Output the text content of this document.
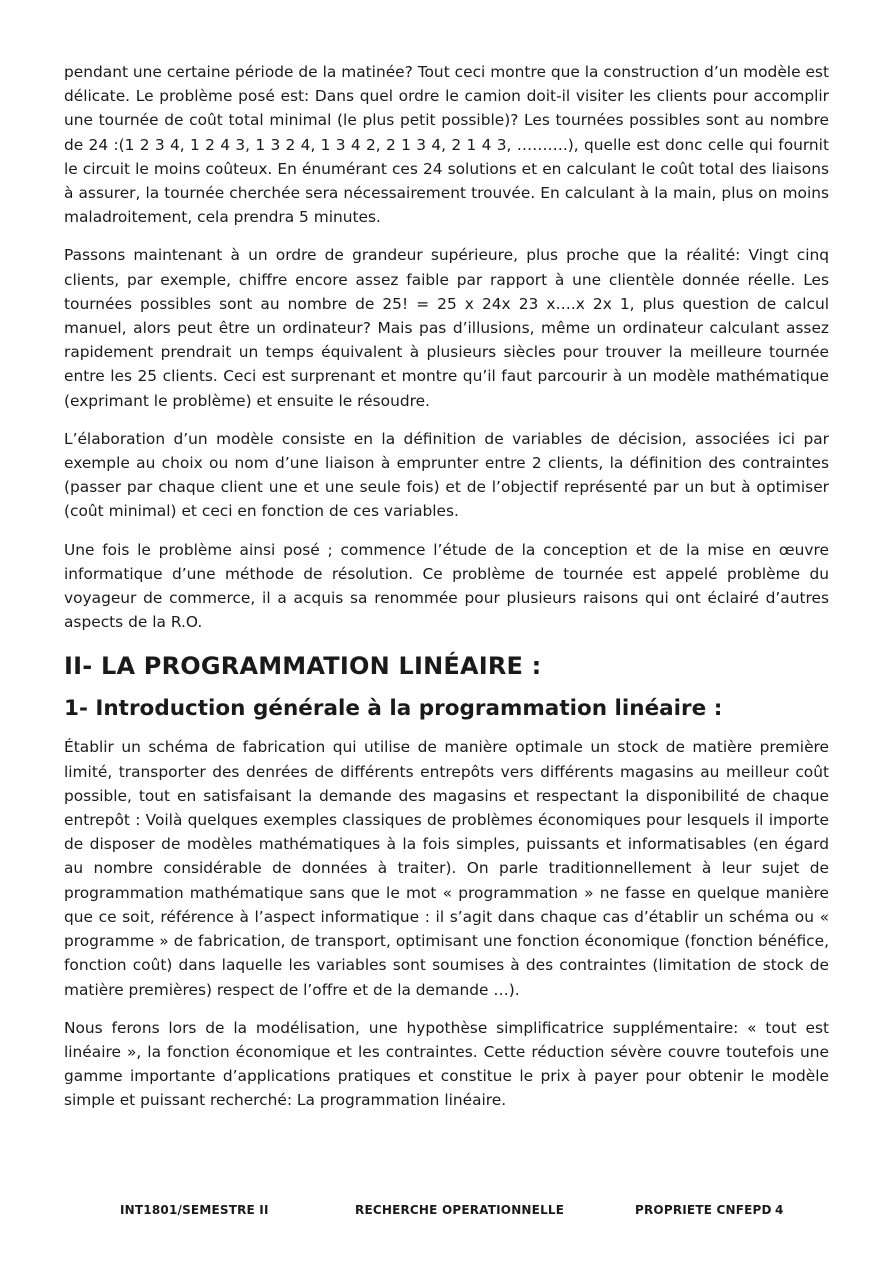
pendant une certaine période de la matinée? Tout ceci montre que la construction d’un modèle est délicate. Le problème posé est: Dans quel ordre le camion doit-il visiter les clients pour accomplir une tournée de coût total minimal (le plus petit possible)? Les tournées possibles sont au nombre de 24 :(1 2 3 4, 1 2 4 3, 1 3 2 4, 1 3 4 2, 2 1 3 4, 2 1 4 3, ……….), quelle est donc celle qui fournit le circuit le moins coûteux. En énumérant ces 24 solutions et en calculant le coût total des liaisons à assurer, la tournée cherchée sera nécessairement trouvée. En calculant à la main, plus on moins maladroitement, cela prendra 5 minutes.

Passons maintenant à un ordre de grandeur supérieure, plus proche que la réalité: Vingt cinq clients, par exemple, chiffre encore assez faible par rapport à une clientèle donnée réelle. Les tournées possibles sont au nombre de 25! = 25 x 24x 23 x….x 2x 1, plus question de calcul manuel, alors peut être un ordinateur? Mais pas d’illusions, même un ordinateur calculant assez rapidement prendrait un temps équivalent à plusieurs siècles pour trouver la meilleure tournée entre les 25 clients. Ceci est surprenant et montre qu’il faut parcourir à un modèle mathématique (exprimant le problème) et ensuite le résoudre.

L’élaboration d’un modèle consiste en la définition de variables de décision, associées ici par exemple au choix ou nom d’une liaison à emprunter entre 2 clients, la définition des contraintes (passer par chaque client une et une seule fois) et de l’objectif représenté par un but à optimiser (coût minimal) et ceci en fonction de ces variables.

Une fois le problème ainsi posé ; commence l’étude de la conception et de la mise en œuvre informatique d’une méthode de résolution. Ce problème de tournée est appelé problème du voyageur de commerce, il a acquis sa renommée pour plusieurs raisons qui ont éclairé d’autres aspects de la R.O.

II- LA PROGRAMMATION LINÉAIRE :
1- Introduction générale à la programmation linéaire :

Établir un schéma de fabrication qui utilise de manière optimale un stock de matière première limité, transporter des denrées de différents entrepôts vers différents magasins au meilleur coût possible, tout en satisfaisant la demande des magasins et respectant la disponibilité de chaque entrepôt : Voilà quelques exemples classiques de problèmes économiques pour lesquels il importe de disposer de modèles mathématiques à la fois simples, puissants et informatisables (en égard au nombre considérable de données à traiter). On parle traditionnellement à leur sujet de programmation mathématique sans que le mot « programmation » ne fasse en quelque manière que ce soit, référence à l’aspect informatique : il s’agit dans chaque cas d’établir un schéma ou « programme » de fabrication, de transport, optimisant une fonction économique (fonction bénéfice, fonction coût) dans laquelle les variables sont soumises à des contraintes (limitation de stock de matière premières) respect de l’offre et de la demande …).

Nous ferons lors de la modélisation, une hypothèse simplificatrice supplémentaire: « tout est linéaire », la fonction économique et les contraintes. Cette réduction sévère couvre toutefois une gamme importante d’applications pratiques et constitue le prix à payer pour obtenir le modèle simple et puissant recherché: La programmation linéaire.

INT1801/SEMESTRE II	RECHERCHE OPERATIONNELLE	PROPRIETE CNFEPD 4
